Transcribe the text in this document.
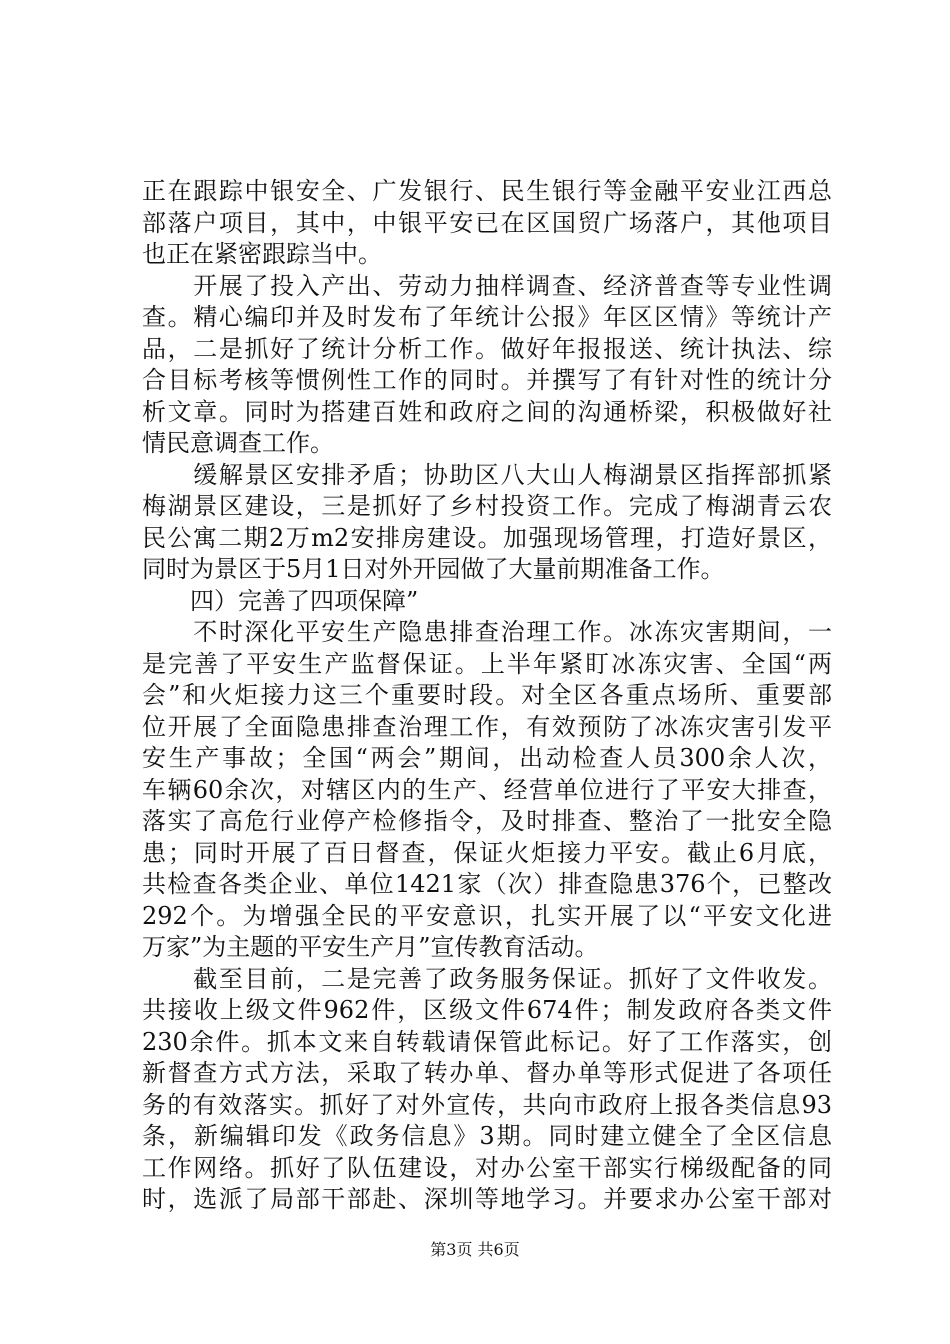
正在跟踪中银安全、广发银行、民生银行等金融平安业江西总
部落户项目，其中，中银平安已在区国贸广场落户，其他项目
也正在紧密跟踪当中。
　　开展了投入产出、劳动力抽样调查、经济普查等专业性调
查。精心编印并及时发布了年统计公报》年区区情》等统计产
品，二是抓好了统计分析工作。做好年报报送、统计执法、综
合目标考核等惯例性工作的同时。并撰写了有针对性的统计分
析文章。同时为搭建百姓和政府之间的沟通桥梁，积极做好社
情民意调查工作。
　　缓解景区安排矛盾；协助区八大山人梅湖景区指挥部抓紧
梅湖景区建设，三是抓好了乡村投资工作。完成了梅湖青云农
民公寓二期2万m2安排房建设。加强现场管理，打造好景区，
同时为景区于5月1日对外开园做了大量前期准备工作。
　　四）完善了四项保障”
　　不时深化平安生产隐患排查治理工作。冰冻灾害期间，一
是完善了平安生产监督保证。上半年紧盯冰冻灾害、全国“两
会”和火炬接力这三个重要时段。对全区各重点场所、重要部
位开展了全面隐患排查治理工作，有效预防了冰冻灾害引发平
安生产事故；全国“两会”期间，出动检查人员300余人次，
车辆60余次，对辖区内的生产、经营单位进行了平安大排查，
落实了高危行业停产检修指令，及时排查、整治了一批安全隐
患；同时开展了百日督查，保证火炬接力平安。截止6月底，
共检查各类企业、单位1421家（次）排查隐患376个，已整改
292个。为增强全民的平安意识，扎实开展了以“平安文化进
万家”为主题的平安生产月”宣传教育活动。
　　截至目前，二是完善了政务服务保证。抓好了文件收发。
共接收上级文件962件，区级文件674件；制发政府各类文件
230余件。抓本文来自转载请保管此标记。好了工作落实，创
新督查方式方法，采取了转办单、督办单等形式促进了各项任
务的有效落实。抓好了对外宣传，共向市政府上报各类信息93
条，新编辑印发《政务信息》3期。同时建立健全了全区信息
工作网络。抓好了队伍建设，对办公室干部实行梯级配备的同
时，选派了局部干部赴、深圳等地学习。并要求办公室干部对
第3页 共6页
